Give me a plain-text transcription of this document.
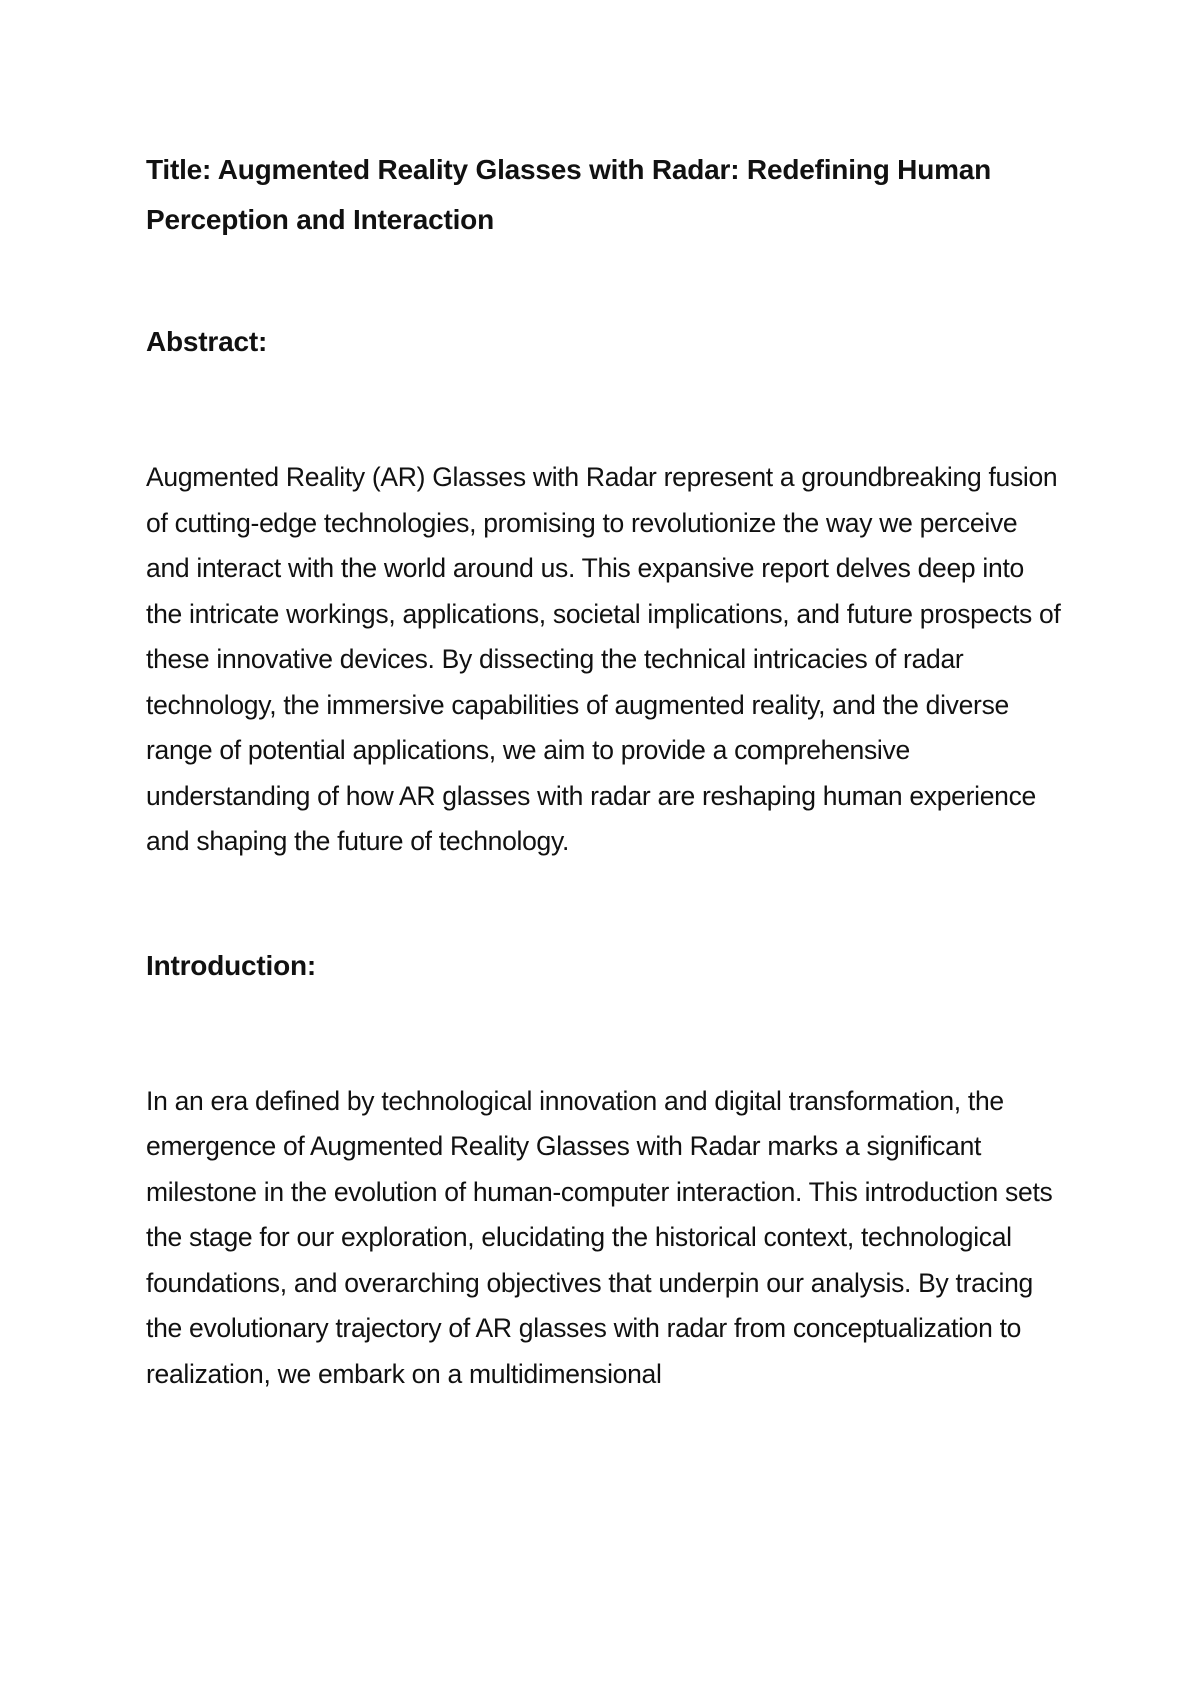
Title: Augmented Reality Glasses with Radar: Redefining Human Perception and Interaction
Abstract:

Augmented Reality (AR) Glasses with Radar represent a groundbreaking fusion of cutting-edge technologies, promising to revolutionize the way we perceive and interact with the world around us. This expansive report delves deep into the intricate workings, applications, societal implications, and future prospects of these innovative devices. By dissecting the technical intricacies of radar technology, the immersive capabilities of augmented reality, and the diverse range of potential applications, we aim to provide a comprehensive understanding of how AR glasses with radar are reshaping human experience and shaping the future of technology.

Introduction:

In an era defined by technological innovation and digital transformation, the emergence of Augmented Reality Glasses with Radar marks a significant milestone in the evolution of human-computer interaction. This introduction sets the stage for our exploration, elucidating the historical context, technological foundations, and overarching objectives that underpin our analysis. By tracing the evolutionary trajectory of AR glasses with radar from conceptualization to realization, we embark on a multidimensional
